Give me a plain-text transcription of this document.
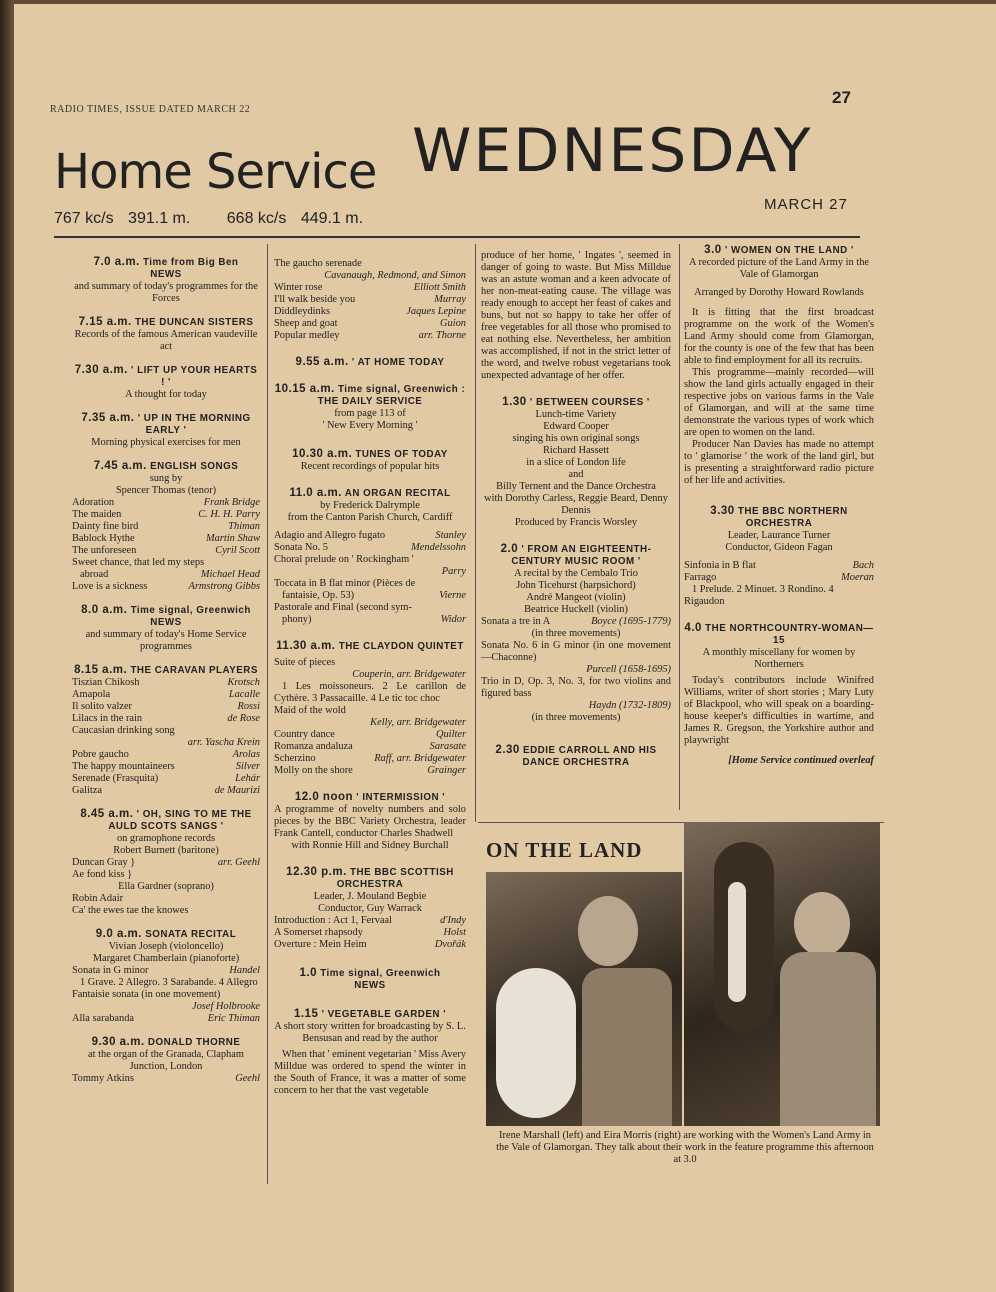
RADIO TIMES, ISSUE DATED MARCH 22
27
Home Service WEDNESDAY
767 kc/s 391.1 m. 668 kc/s 449.1 m.
MARCH 27
7.0 a.m. Time from Big Ben
NEWS
and summary of today's programmes for the Forces
7.15 a.m. THE DUNCAN SISTERS
Records of the famous American vaudeville act
7.30 a.m. ' LIFT UP YOUR HEARTS ! '
A thought for today
7.35 a.m. ' UP IN THE MORNING EARLY '
Morning physical exercises for men
7.45 a.m. ENGLISH SONGS
sung by
Spencer Thomas (tenor)
Adoration	Frank Bridge
The maiden	C. H. H. Parry
Dainty fine bird	Thiman
Bablock Hythe	Martin Shaw
The unforeseen	Cyril Scott
Sweet chance, that led my steps
abroad	Michael Head
Love is a sickness	Armstrong Gibbs
8.0 a.m. Time signal, Greenwich
NEWS
and summary of today's Home Service programmes
8.15 a.m. THE CARAVAN PLAYERS
Tiszian Chikosh	Krotsch
Amapola	Lacalle
Il solito valzer	Rossi
Lilacs in the rain	de Rose
Caucasian drinking song
arr. Yascha Krein
Pobre gaucho	Arolas
The happy mountaineers	Silver
Serenade (Frasquita)	Lehár
Galitza	de Maurizi
8.45 a.m. ' OH, SING TO ME THE AULD SCOTS SANGS '
on gramophone records
Robert Burnett (baritone)
Duncan Gray }
Ae fond kiss }
arr. Geehl
Ella Gardner (soprano)
Robin Adair
Ca' the ewes tae the knowes
9.0 a.m. SONATA RECITAL
Vivian Joseph (violoncello)
Margaret Chamberlain (pianoforte)
Sonata in G minor	Handel
1 Grave. 2 Allegro. 3 Sarabande. 4 Allegro
Fantaisie sonata (in one movement)
Josef Holbrooke
Alla sarabanda	Eric Thiman
9.30 a.m. DONALD THORNE
at the organ of the Granada, Clapham Junction, London
Tommy Atkins	Geehl
The gaucho serenade
Cavanaugh, Redmond, and Simon
Winter rose	Elliott Smith
I'll walk beside you	Murray
Diddleydinks	Jaques Lepine
Sheep and goat	Guion
Popular medley	arr. Thorne
9.55 a.m. ' AT HOME TODAY
10.15 a.m. Time signal, Greenwich :
THE DAILY SERVICE
from page 113 of
' New Every Morning '
10.30 a.m. TUNES OF TODAY
Recent recordings of popular hits
11.0 a.m. AN ORGAN RECITAL
by Frederick Dalrymple
from the Canton Parish Church, Cardiff
Adagio and Allegro fugato	Stanley
Sonata No. 5	Mendelssohn
Choral prelude on ' Rockingham '
Parry
Toccata in B flat minor (Pièces de
fantaisie, Op. 53)	Vierne
Pastorale and Final (second sym-
phony)	Widor
11.30 a.m. THE CLAYDON QUINTET
Suite of pieces
Couperin, arr. Bridgewater
1 Les moissoneurs. 2 Le carillon de Cythère. 3 Passacaille. 4 Le tic toc choc
Maid of the wold
Kelly, arr. Bridgewater
Country dance	Quilter
Romanza andaluza	Sarasate
Scherzino	Raff, arr. Bridgewater
Molly on the shore	Grainger
12.0 noon ' INTERMISSION '
A programme of novelty numbers and solo pieces by the BBC Variety Orchestra, leader Frank Cantell, conductor Charles Shadwell
with Ronnie Hill and Sidney Burchall
12.30 p.m. THE BBC SCOTTISH ORCHESTRA
Leader, J. Mouland Begbie
Conductor, Guy Warrack
Introduction : Act 1, Fervaal	d'Indy
A Somerset rhapsody	Holst
Overture : Mein Heim	Dvořák
1.0 Time signal, Greenwich
NEWS
1.15 ' VEGETABLE GARDEN '
A short story written for broadcasting by S. L. Bensusan and read by the author
When that ' eminent vegetarian ' Miss Avery Milldue was ordered to spend the winter in the South of France, it was a matter of some concern to her that the vast vegetable
produce of her home, ' Ingates ', seemed in danger of going to waste. But Miss Milldue was an astute woman and a keen advocate of her non-meat-eating cause. The village was ready enough to accept her feast of cakes and buns, but not so happy to take her offer of free vegetables for all those who promised to eat nothing else. Nevertheless, her ambition was accomplished, if not in the strict letter of the word, and twelve robust vegetarians took unexpected advantage of her offer.
1.30 ' BETWEEN COURSES '
Lunch-time Variety
Edward Cooper
singing his own original songs
Richard Hassett
in a slice of London life
and
Billy Ternent and the Dance Orchestra
with Dorothy Carless, Reggie Beard, Denny Dennis
Produced by Francis Worsley
2.0 ' FROM AN EIGHTEENTH-CENTURY MUSIC ROOM '
A recital by the Cembalo Trio
John Ticehurst (harpsichord)
André Mangeot (violin)
Beatrice Huckell (violin)
Sonata a tre in A	Boyce (1695-1779)
(in three movements)
Sonata No. 6 in G minor (in one movement—Chaconne)
Purcell (1658-1695)
Trio in D, Op. 3, No. 3, for two violins and figured bass
Haydn (1732-1809)
(in three movements)
2.30 EDDIE CARROLL AND HIS DANCE ORCHESTRA
3.0 ' WOMEN ON THE LAND '
A recorded picture of the Land Army in the Vale of Glamorgan
Arranged by Dorothy Howard Rowlands
It is fitting that the first broadcast programme on the work of the Women's Land Army should come from Glamorgan, for the county is one of the few that has been able to find employment for all its recruits.
This programme—mainly recorded—will show the land girls actually engaged in their respective jobs on various farms in the Vale of Glamorgan, and will at the same time demonstrate the various types of work which are open to women on the land.
Producer Nan Davies has made no attempt to ' glamorise ' the work of the land girl, but is presenting a straightforward radio picture of her life and activities.
3.30 THE BBC NORTHERN ORCHESTRA
Leader, Laurance Turner
Conductor, Gideon Fagan
Sinfonia in B flat	Bach
Farrago	Moeran
1 Prelude. 2 Minuet. 3 Rondino. 4 Rigaudon
4.0 THE NORTHCOUNTRY-WOMAN—15
A monthly miscellany for women by Northerners
Today's contributors include Winifred Williams, writer of short stories ; Mary Luty of Blackpool, who will speak on a boarding-house keeper's difficulties in wartime, and James R. Gregson, the Yorkshire author and playwright
[Home Service continued overleaf
ON THE LAND
Irene Marshall (left) and Eira Morris (right) are working with the Women's Land Army in the Vale of Glamorgan. They talk about their work in the feature programme this afternoon at 3.0
